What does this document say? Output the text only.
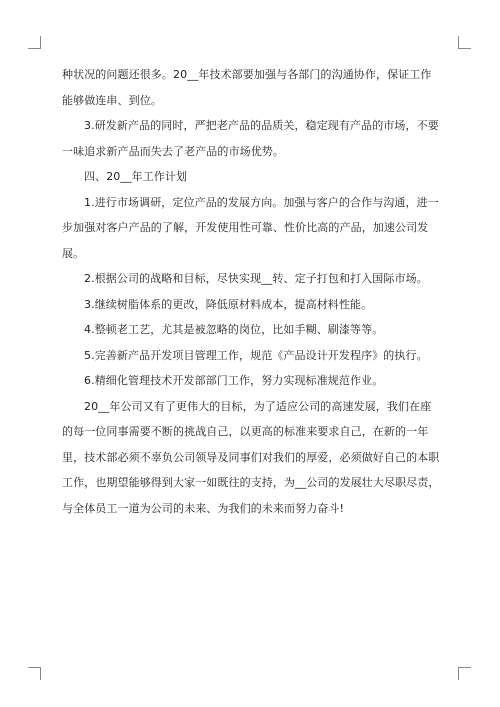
种状况的问题还很多。20__年技术部要加强与各部门的沟通协作，保证工作能够做连串、到位。

3.研发新产品的同时，严把老产品的品质关，稳定现有产品的市场，不要一味追求新产品而失去了老产品的市场优势。

四、20__年工作计划

1.进行市场调研，定位产品的发展方向。加强与客户的合作与沟通，进一步加强对客户产品的了解，开发使用性可靠、性价比高的产品，加速公司发展。

2.根据公司的战略和目标，尽快实现__转、定子打包和打入国际市场。

3.继续树脂体系的更改，降低原材料成本，提高材料性能。

4.整顿老工艺，尤其是被忽略的岗位，比如手糊、刷漆等等。

5.完善新产品开发项目管理工作，规范《产品设计开发程序》的执行。

6.精细化管理技术开发部部门工作，努力实现标准规范作业。

20__年公司又有了更伟大的目标，为了适应公司的高速发展，我们在座的每一位同事需要不断的挑战自己，以更高的标准来要求自己，在新的一年里，技术部必须不辜负公司领导及同事们对我们的厚爱，必须做好自己的本职工作，也期望能够得到大家一如既往的支持，为__公司的发展壮大尽职尽责，与全体员工一道为公司的未来、为我们的未来而努力奋斗!
